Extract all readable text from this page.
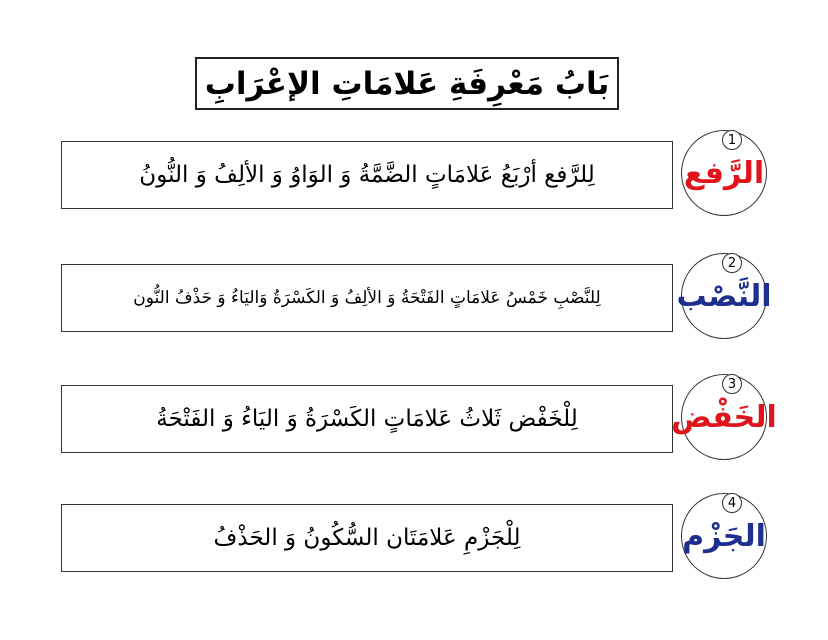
بَابُ مَعْرِفَةِ عَلامَاتِ الإعْرَابِ
لِلرَّفع أرْبَعُ عَلامَاتٍ الضَّمَّةُ وَ الوَاوُ وَ الألِفُ وَ النُّونُ	الرَّفع
1
لِلنَّصْبِ خَمْسُ عَلامَاتٍ الفَتْحَةُ وَ الألِفُ وَ الكَسْرَةُ وَاليَاءُ وَ حَذْفُ النُّون	النَّصْب
2
لِلْخَفْض ثَلاثُ عَلامَاتٍ الكَسْرَةُ وَ اليَاءُ وَ الفَتْحَةُ	الخَفْض
3
لِلْجَزْمِ عَلامَتَان السُّكُونُ وَ الحَذْفُ	الجَزْم
4
